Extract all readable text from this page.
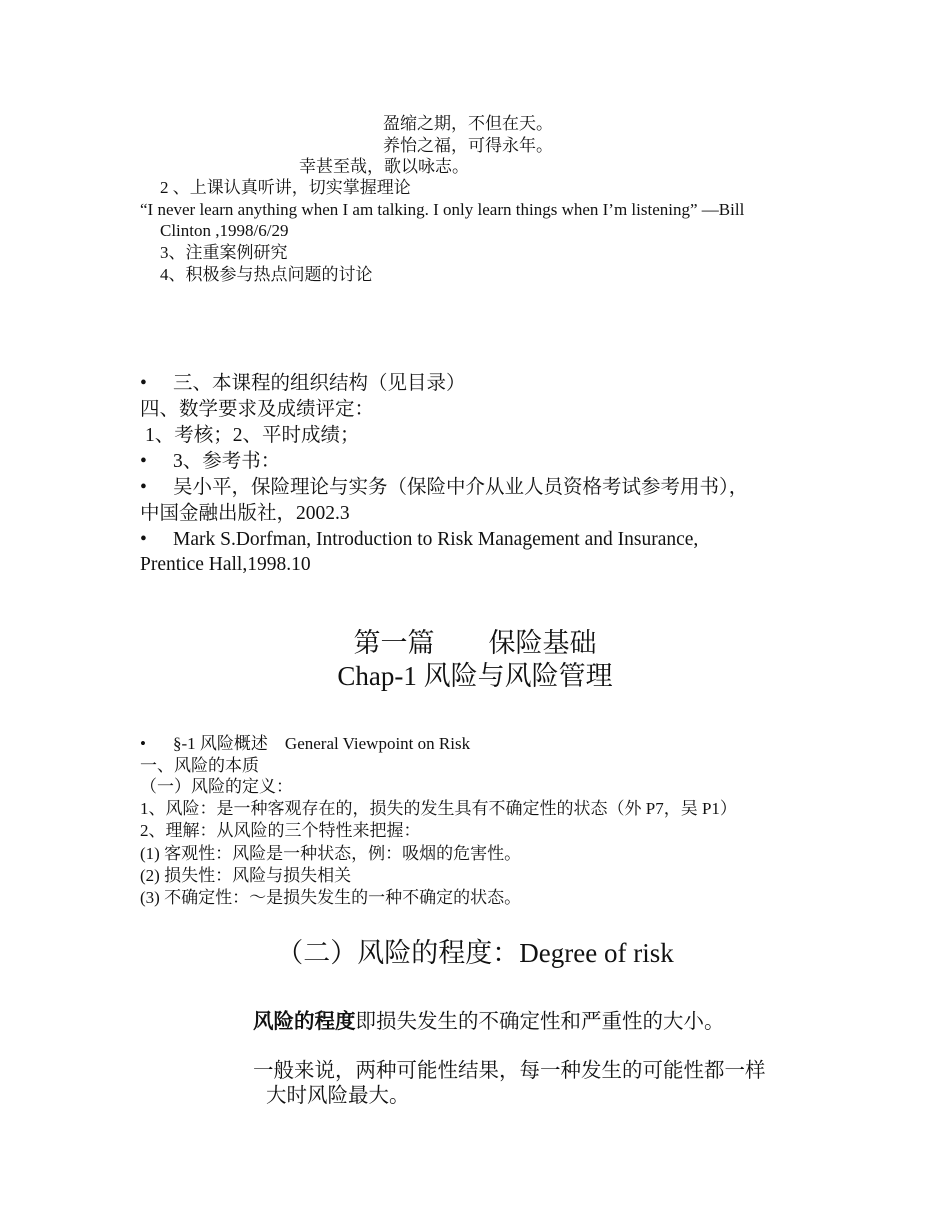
盈缩之期，不但在天。
养怡之福，可得永年。
幸甚至哉，歌以咏志。
2 、上课认真听讲，切实掌握理论
“I never learn anything when I am talking. I only learn things when I’m listening” —Bill
Clinton ,1998/6/29
3、注重案例研究
4、积极参与热点问题的讨论
• 三、本课程的组织结构（见目录）
四、数学要求及成绩评定：
1、考核；2、平时成绩；
• 3、参考书：
• 吴小平，保险理论与实务（保险中介从业人员资格考试参考用书），
中国金融出版社，2002.3
• Mark S.Dorfman, Introduction to Risk Management and Insurance,
Prentice Hall,1998.10
第一篇　　保险基础
Chap-1 风险与风险管理
• §-1 风险概述　General Viewpoint on Risk
一、风险的本质
（一）风险的定义：
1、风险：是一种客观存在的，损失的发生具有不确定性的状态（外 P7，吴 P1）
2、理解：从风险的三个特性来把握：
(1) 客观性：风险是一种状态，例：吸烟的危害性。
(2) 损失性：风险与损失相关
(3) 不确定性：～是损失发生的一种不确定的状态。
（二）风险的程度：Degree of risk
风险的程度即损失发生的不确定性和严重性的大小。
一般来说，两种可能性结果，每一种发生的可能性都一样
大时风险最大。
